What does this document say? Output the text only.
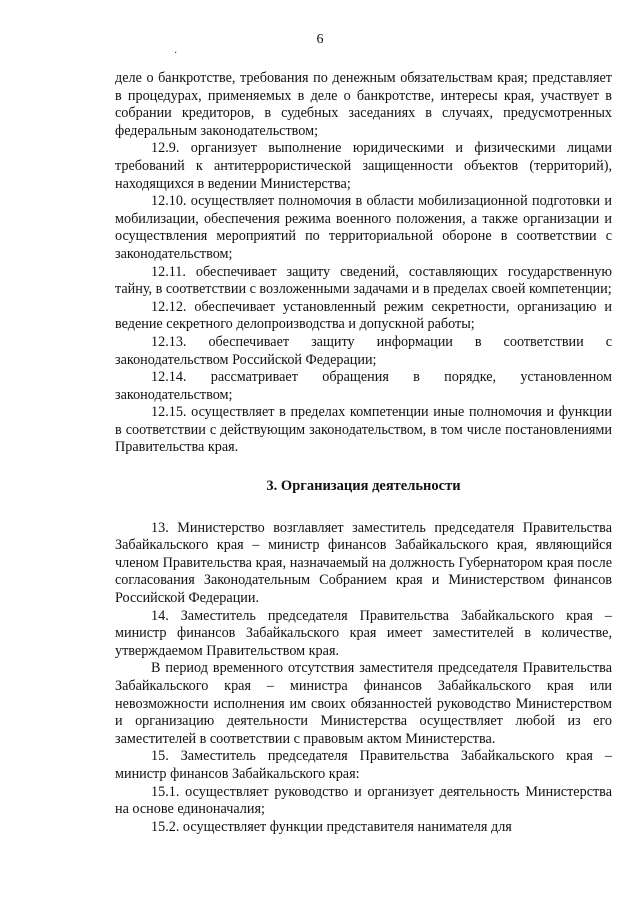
6
·

деле о банкротстве, требования по денежным обязательствам края; представляет в процедурах, применяемых в деле о банкротстве, интересы края, участвует в собрании кредиторов, в судебных заседаниях в случаях, предусмотренных федеральным законодательством;

12.9. организует выполнение юридическими и физическими лицами требований к антитеррористической защищенности объектов (территорий), находящихся в ведении Министерства;

12.10. осуществляет полномочия в области мобилизационной подготовки и мобилизации, обеспечения режима военного положения, а также организации и осуществления мероприятий по территориальной обороне в соответствии с законодательством;

12.11. обеспечивает защиту сведений, составляющих государственную тайну, в соответствии с возложенными задачами и в пределах своей компетенции;

12.12. обеспечивает установленный режим секретности, организацию и ведение секретного делопроизводства и допускной работы;

12.13. обеспечивает защиту информации в соответствии с законодательством Российской Федерации;

12.14. рассматривает обращения в порядке, установленном законодательством;

12.15. осуществляет в пределах компетенции иные полномочия и функции в соответствии с действующим законодательством, в том числе постановлениями Правительства края.

3. Организация деятельности

13. Министерство возглавляет заместитель председателя Правительства Забайкальского края – министр финансов Забайкальского края, являющийся членом Правительства края, назначаемый на должность Губернатором края после согласования Законодательным Собранием края и Министерством финансов Российской Федерации.

14. Заместитель председателя Правительства Забайкальского края – министр финансов Забайкальского края имеет заместителей в количестве, утверждаемом Правительством края.

В период временного отсутствия заместителя председателя Правительства Забайкальского края – министра финансов Забайкальского края или невозможности исполнения им своих обязанностей руководство Министерством и организацию деятельности Министерства осуществляет любой из его заместителей в соответствии с правовым актом Министерства.

15. Заместитель председателя Правительства Забайкальского края – министр финансов Забайкальского края:

15.1. осуществляет руководство и организует деятельность Министерства на основе единоначалия;

15.2. осуществляет функции представителя нанимателя для
